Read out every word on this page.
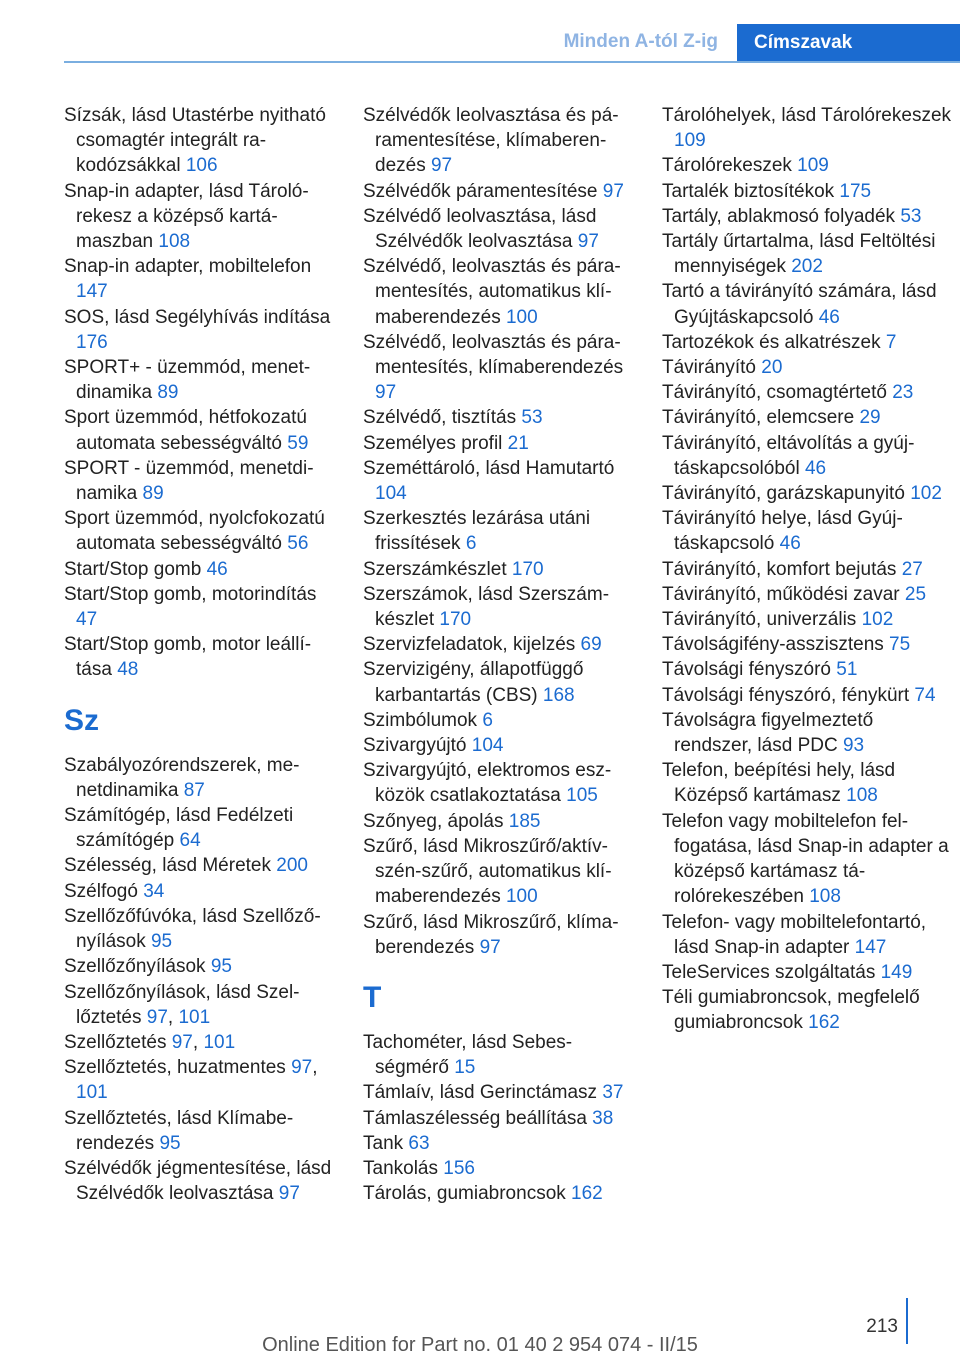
Minden A-tól Z-ig	Címszavak

Sízsák, lásd Utastérbe nyitható csomagtér integrált rakodózsákkal 106

Snap-in adapter, lásd Tárolórekesz a középső kartámaszban 108

Snap-in adapter, mobiltelefon 147

SOS, lásd Segélyhívás indítása 176

SPORT+ - üzemmód, menetdinamika 89

Sport üzemmód, hétfokozatú automata sebességváltó 59

SPORT - üzemmód, menetdinamika 89

Sport üzemmód, nyolcfokozatú automata sebességváltó 56

Start/Stop gomb 46

Start/Stop gomb, motorindítás 47

Start/Stop gomb, motor leállítása 48

Sz

Szabályozórendszerek, menetdinamika 87

Számítógép, lásd Fedélzeti számítógép 64

Szélesség, lásd Méretek 200

Szélfogó 34

Szellőzőfúvóka, lásd Szellőzőnyílások 95

Szellőzőnyílások 95

Szellőzőnyílások, lásd Szellőztetés 97, 101

Szellőztetés 97, 101

Szellőztetés, huzatmentes 97, 101

Szellőztetés, lásd Klímaberendezés 95

Szélvédők jégmentesítése, lásd Szélvédők leolvasztása 97

Szélvédők leolvasztása és páramentesítése, klímaberendezés 97

Szélvédők páramentesítése 97

Szélvédő leolvasztása, lásd Szélvédők leolvasztása 97

Szélvédő, leolvasztás és páramentesítés, automatikus klímaberendezés 100

Szélvédő, leolvasztás és páramentesítés, klímaberendezés 97

Szélvédő, tisztítás 53

Személyes profil 21

Szeméttároló, lásd Hamutartó 104

Szerkesztés lezárása utáni frissítések 6

Szerszámkészlet 170

Szerszámok, lásd Szerszámkészlet 170

Szervizfeladatok, kijelzés 69

Szervizigény, állapotfüggő karbantartás (CBS) 168

Szimbólumok 6

Szivargyújtó 104

Szivargyújtó, elektromos eszközök csatlakoztatása 105

Szőnyeg, ápolás 185

Szűrő, lásd Mikroszűrő/aktívszén-szűrő, automatikus klímaberendezés 100

Szűrő, lásd Mikroszűrő, klímaberendezés 97

T

Tachométer, lásd Sebességmérő 15

Támlaív, lásd Gerinctámasz 37

Támlaszélesség beállítása 38

Tank 63

Tankolás 156

Tárolás, gumiabroncsok 162

Tárolóhelyek, lásd Tárolórekeszek 109

Tárolórekeszek 109

Tartalék biztosítékok 175

Tartály, ablakmosó folyadék 53

Tartály űrtartalma, lásd Feltöltési mennyiségek 202

Tartó a távirányító számára, lásd Gyújtáskapcsoló 46

Tartozékok és alkatrészek 7

Távirányító 20

Távirányító, csomagtértető 23

Távirányító, elemcsere 29

Távirányító, eltávolítás a gyújtáskapcsolóból 46

Távirányító, garázskapunyitó 102

Távirányító helye, lásd Gyújtáskapcsoló 46

Távirányító, komfort bejutás 27

Távirányító, működési zavar 25

Távirányító, univerzális 102

Távolságifény-asszisztens 75

Távolsági fényszóró 51

Távolsági fényszóró, fénykürt 74

Távolságra figyelmeztető rendszer, lásd PDC 93

Telefon, beépítési hely, lásd Középső kartámasz 108

Telefon vagy mobiltelefon felfogatása, lásd Snap-in adapter a középső kartámasz tárolórekeszében 108

Telefon- vagy mobiltelefontartó, lásd Snap-in adapter 147

TeleServices szolgáltatás 149

Téli gumiabroncsok, megfelelő gumiabroncsok 162

213
Online Edition for Part no. 01 40 2 954 074 - II/15
